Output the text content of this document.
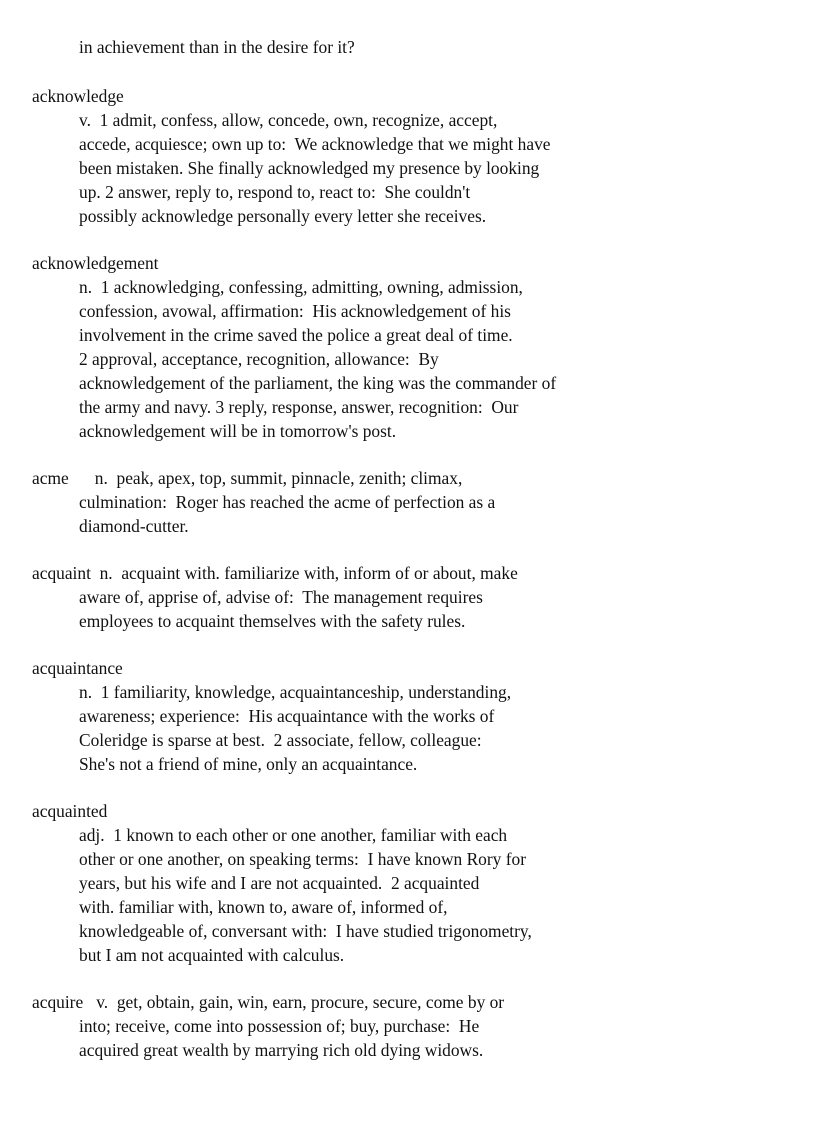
in achievement than in the desire for it?
acknowledge
v.  1 admit, confess, allow, concede, own, recognize, accept,
accede, acquiesce; own up to:  We acknowledge that we might have
been mistaken. She finally acknowledged my presence by looking
up. 2 answer, reply to, respond to, react to:  She couldn't
possibly acknowledge personally every letter she receives.
acknowledgement
n.  1 acknowledging, confessing, admitting, owning, admission,
confession, avowal, affirmation:  His acknowledgement of his
involvement in the crime saved the police a great deal of time.
2 approval, acceptance, recognition, allowance:  By
acknowledgement of the parliament, the king was the commander of
the army and navy. 3 reply, response, answer, recognition:  Our
acknowledgement will be in tomorrow's post.
acme      n.  peak, apex, top, summit, pinnacle, zenith; climax,
culmination:  Roger has reached the acme of perfection as a
diamond-cutter.
acquaint  n.  acquaint with. familiarize with, inform of or about, make
aware of, apprise of, advise of:  The management requires
employees to acquaint themselves with the safety rules.
acquaintance
n.  1 familiarity, knowledge, acquaintanceship, understanding,
awareness; experience:  His acquaintance with the works of
Coleridge is sparse at best.  2 associate, fellow, colleague:
She's not a friend of mine, only an acquaintance.
acquainted
adj.  1 known to each other or one another, familiar with each
other or one another, on speaking terms:  I have known Rory for
years, but his wife and I are not acquainted.  2 acquainted
with. familiar with, known to, aware of, informed of,
knowledgeable of, conversant with:  I have studied trigonometry,
but I am not acquainted with calculus.
acquire   v.  get, obtain, gain, win, earn, procure, secure, come by or
into; receive, come into possession of; buy, purchase:  He
acquired great wealth by marrying rich old dying widows.
